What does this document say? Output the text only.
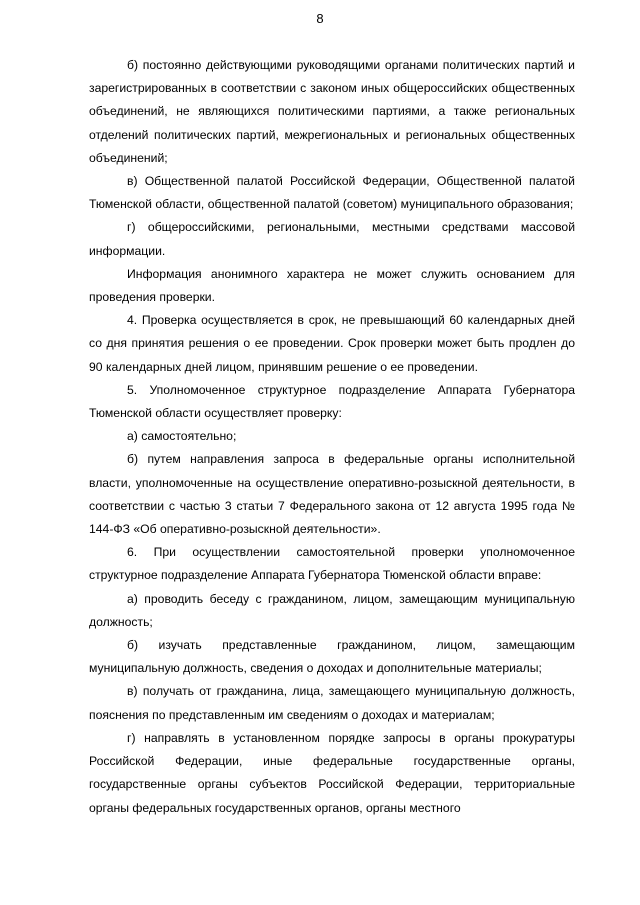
8

б) постоянно действующими руководящими органами политических партий и зарегистрированных в соответствии с законом иных общероссийских общественных объединений, не являющихся политическими партиями, а также региональных отделений политических партий, межрегиональных и региональных общественных объединений;

в) Общественной палатой Российской Федерации, Общественной палатой Тюменской области, общественной палатой (советом) муниципального образования;

г) общероссийскими, региональными, местными средствами массовой информации.

Информация анонимного характера не может служить основанием для проведения проверки.

4. Проверка осуществляется в срок, не превышающий 60 календарных дней со дня принятия решения о ее проведении. Срок проверки может быть продлен до 90 календарных дней лицом, принявшим решение о ее проведении.

5. Уполномоченное структурное подразделение Аппарата Губернатора Тюменской области осуществляет проверку:

а) самостоятельно;

б) путем направления запроса в федеральные органы исполнительной власти, уполномоченные на осуществление оперативно-розыскной деятельности, в соответствии с частью 3 статьи 7 Федерального закона от 12 августа 1995 года № 144-ФЗ «Об оперативно-розыскной деятельности».

6. При осуществлении самостоятельной проверки уполномоченное структурное подразделение Аппарата Губернатора Тюменской области вправе:

а) проводить беседу с гражданином, лицом, замещающим муниципальную должность;

б) изучать представленные гражданином, лицом, замещающим муниципальную должность, сведения о доходах и дополнительные материалы;

в) получать от гражданина, лица, замещающего муниципальную должность, пояснения по представленным им сведениям о доходах и материалам;

г) направлять в установленном порядке запросы в органы прокуратуры Российской Федерации, иные федеральные государственные органы, государственные органы субъектов Российской Федерации, территориальные органы федеральных государственных органов, органы местного
